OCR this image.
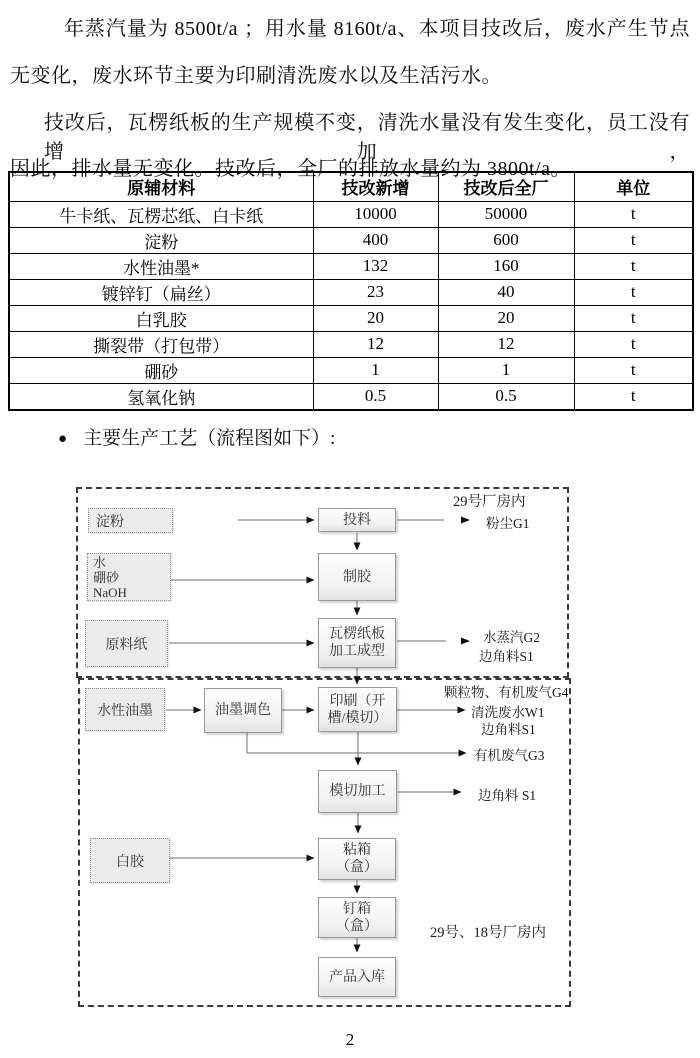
年蒸汽量为 8500t/a ；用水量 8160t/a、本项目技改后，废水产生节点
无变化，废水环节主要为印刷清洗废水以及生活污水。
技改后，瓦楞纸板的生产规模不变，清洗水量没有发生变化，员工没有增加，
因此，排水量无变化。技改后，全厂的排放水量约为 3800t/a。
原辅材料	技改新增	技改后全厂	单位
牛卡纸、瓦楞芯纸、白卡纸	10000	50000	t
淀粉	400	600	t
水性油墨*	132	160	t
镀锌钉（扁丝）	23	40	t
白乳胶	20	20	t
撕裂带（打包带）	12	12	t
硼砂	1	1	t
氢氧化钠	0.5	0.5	t
● 主要生产工艺（流程图如下）:
29号厂房内
29号、18号厂房内
淀粉
水
硼砂
NaOH
原料纸
水性油墨
白胶
投料
制胶
瓦楞纸板
加工成型
油墨调色
印刷（开
槽/模切）
模切加工
粘箱
（盒）
钉箱
（盒）
产品入库
粉尘G1
水蒸汽G2
边角料S1
颗粒物、有机废气G4
清洗废水W1
边角料S1
有机废气G3
边角料 S1
2
